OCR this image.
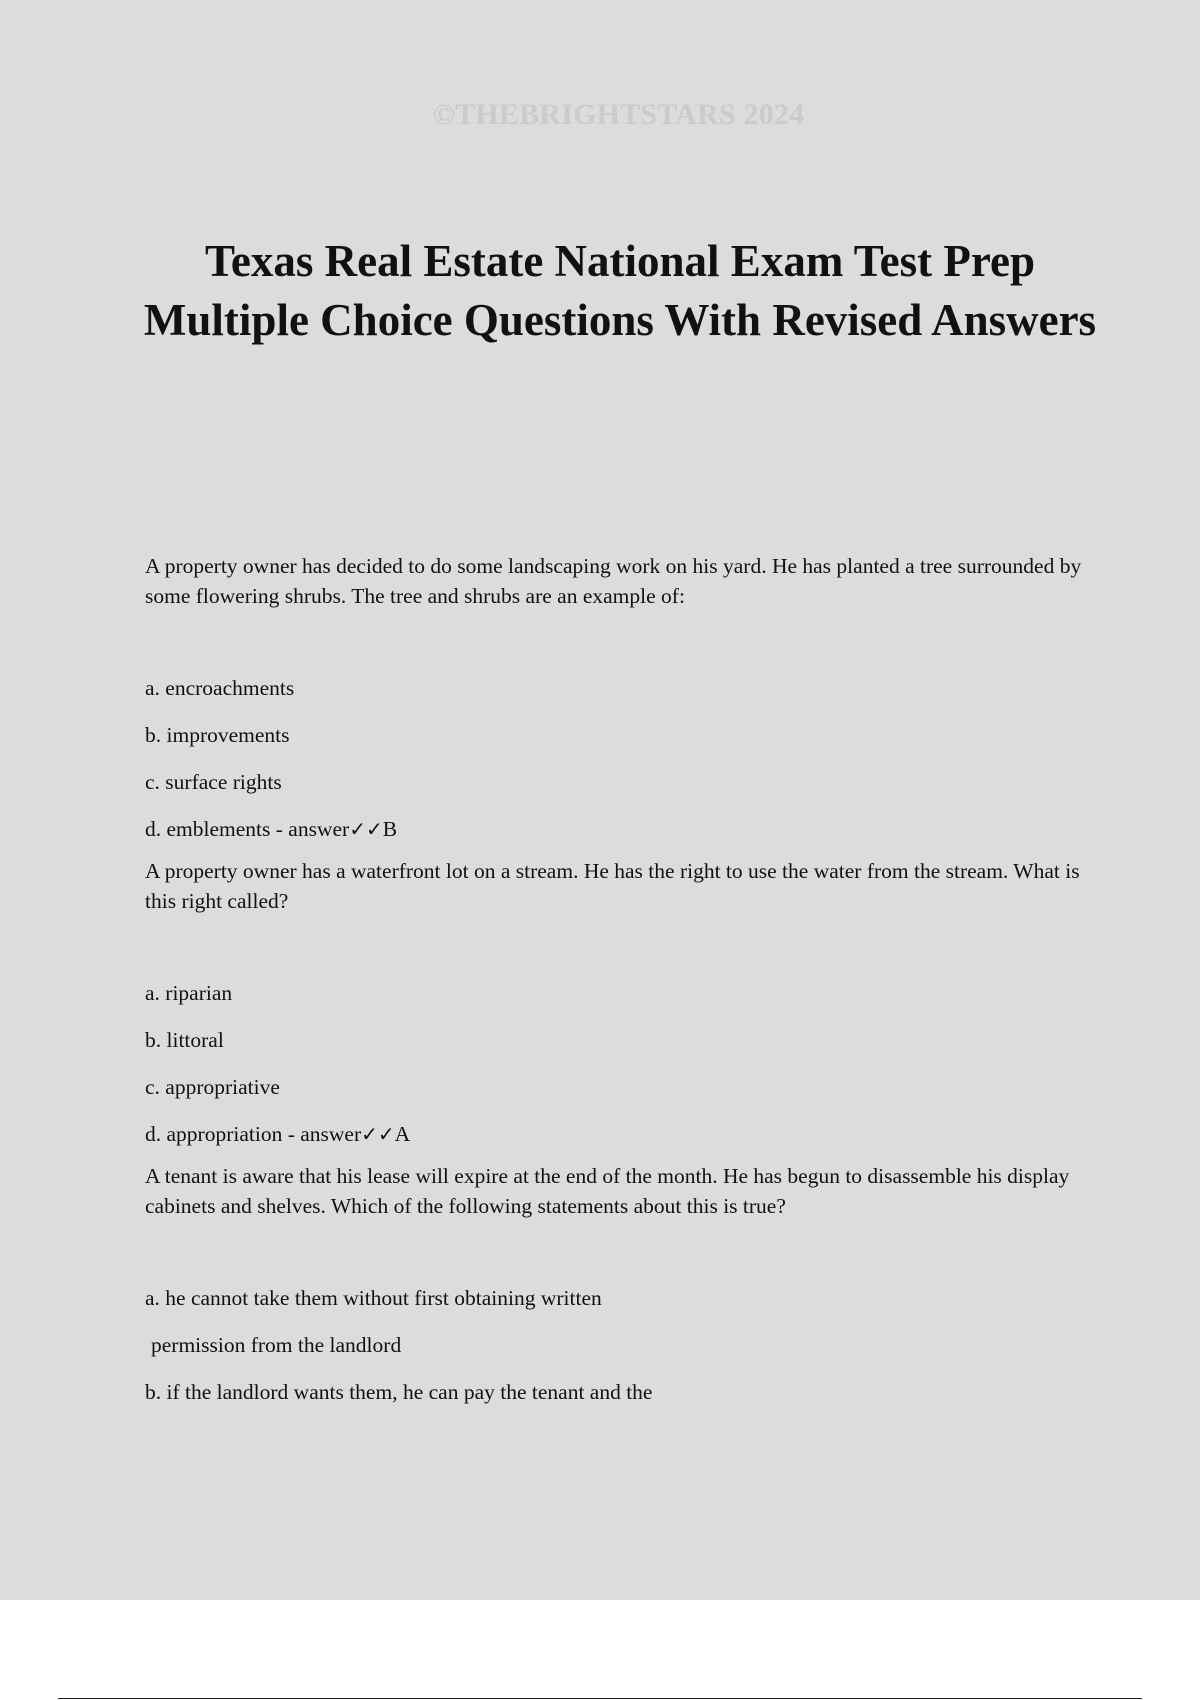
©THEBRIGHTSTARS 2024
Texas Real Estate National Exam Test Prep Multiple Choice Questions With Revised Answers

A property owner has decided to do some landscaping work on his yard. He has planted a tree surrounded by some flowering shrubs. The tree and shrubs are an example of:

a. encroachments
b. improvements
c. surface rights
d. emblements - answer✓✓B

A property owner has a waterfront lot on a stream. He has the right to use the water from the stream. What is this right called?

a. riparian
b. littoral
c. appropriative
d. appropriation - answer✓✓A

A tenant is aware that his lease will expire at the end of the month. He has begun to disassemble his display cabinets and shelves. Which of the following statements about this is true?

a. he cannot take them without first obtaining written
permission from the landlord
b. if the landlord wants them, he can pay the tenant and the
